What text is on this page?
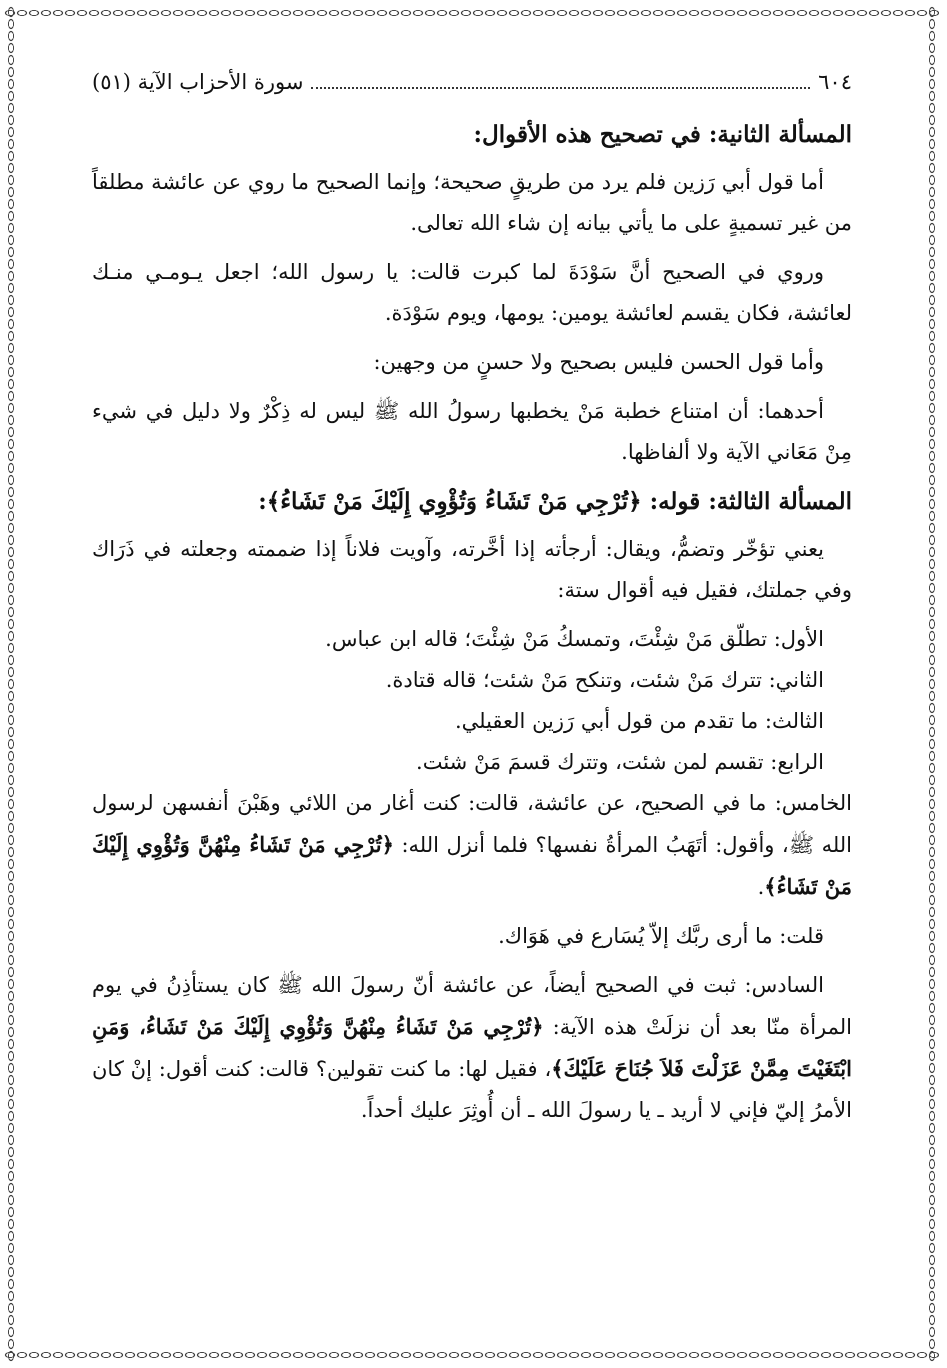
٦٠٤
سورة الأحزاب الآية (٥١)
المسألة الثانية: في تصحيح هذه الأقوال:

أما قول أبي رَزين فلم يرد من طريقٍ صحيحة؛ وإنما الصحيح ما روي عن عائشة مطلقاً من غير تسميةٍ على ما يأتي بيانه إن شاء الله تعالى.

وروي في الصحيح أنَّ سَوْدَةَ لما كبرت قالت: يا رسول الله؛ اجعل يـومـي منـك لعائشة، فكان يقسم لعائشة يومين: يومها، ويوم سَوْدَة.

وأما قول الحسن فليس بصحيح ولا حسنٍ من وجهين:

أحدهما: أن امتناع خطبة مَنْ يخطبها رسولُ الله ﷺ ليس له ذِكْرٌ ولا دليل في شيء مِنْ مَعَاني الآية ولا ألفاظها.

المسألة الثالثة: قوله: ﴿تُرْجِي مَنْ تَشَاءُ وَتُؤْوِي إِلَيْكَ مَنْ تَشَاءُ﴾:

يعني تؤخّر وتضمُّ، ويقال: أرجأته إذا أخَّرته، وآويت فلاناً إذا ضممته وجعلته في ذَرَاك وفي جملتك، فقيل فيه أقوال ستة:

الأول: تطلّق مَنْ شِئْتَ، وتمسكُ مَنْ شِئْتَ؛ قاله ابن عباس.

الثاني: تترك مَنْ شئت، وتنكح مَنْ شئت؛ قاله قتادة.

الثالث: ما تقدم من قول أبي رَزين العقيلي.

الرابع: تقسم لمن شئت، وتترك قسمَ مَنْ شئت.

الخامس: ما في الصحيح، عن عائشة، قالت: كنت أغار من اللائي وهَبْنَ أنفسهن لرسول الله ﷺ، وأقول: أتَهَبُ المرأةُ نفسها؟ فلما أنزل الله: ﴿تُرْجِي مَنْ تَشَاءُ مِنْهُنَّ وَتُؤْوِي إِلَيْكَ مَنْ تَشَاءُ﴾.

قلت: ما أرى ربَّك إلاّ يُسَارع في هَوَاك.

السادس: ثبت في الصحيح أيضاً، عن عائشة أنّ رسولَ الله ﷺ كان يستأذِنُ في يوم المرأة منّا بعد أن نزلَتْ هذه الآية: ﴿تُرْجِي مَنْ تَشَاءُ مِنْهُنَّ وَتُؤْوِي إِلَيْكَ مَنْ تَشَاءُ، وَمَنِ ابْتَغَيْتَ مِمَّنْ عَزَلْتَ فَلاَ جُنَاحَ عَلَيْكَ﴾، فقيل لها: ما كنت تقولين؟ قالت: كنت أقول: إنْ كان الأمرُ إليّ فإني لا أريد ـ يا رسولَ الله ـ أن أُوثِرَ عليك أحداً.
